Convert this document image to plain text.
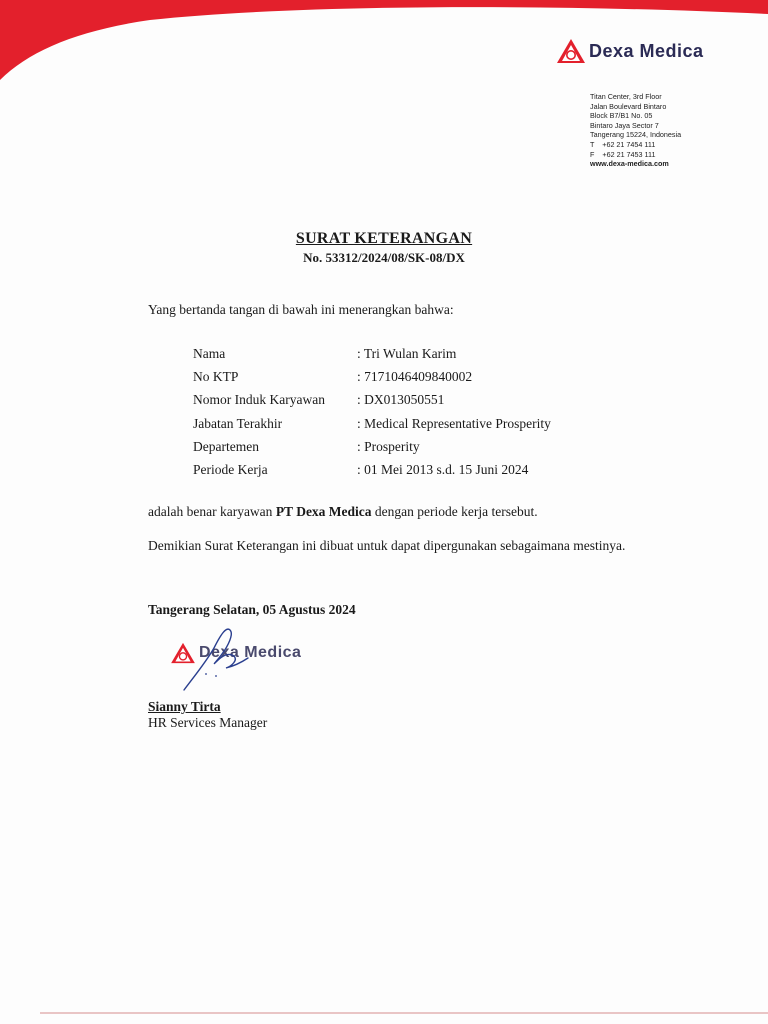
Dexa Medica
Titan Center, 3rd Floor
Jalan Boulevard Bintaro
Block B7/B1 No. 05
Bintaro Jaya Sector 7
Tangerang 15224, Indonesia
T    +62 21 7454 111
F    +62 21 7453 111
www.dexa-medica.com
SURAT KETERANGAN
No. 53312/2024/08/SK-08/DX
Yang bertanda tangan di bawah ini menerangkan bahwa:
Nama	: Tri Wulan Karim
No KTP	: 7171046409840002
Nomor Induk Karyawan	: DX013050551
Jabatan Terakhir	: Medical Representative Prosperity
Departemen	: Prosperity
Periode Kerja	: 01 Mei 2013 s.d. 15 Juni 2024
adalah benar karyawan PT Dexa Medica dengan periode kerja tersebut.
Demikian Surat Keterangan ini dibuat untuk dapat dipergunakan sebagaimana mestinya.
Tangerang Selatan, 05 Agustus 2024
Dexa Medica
Sianny Tirta
HR Services Manager
